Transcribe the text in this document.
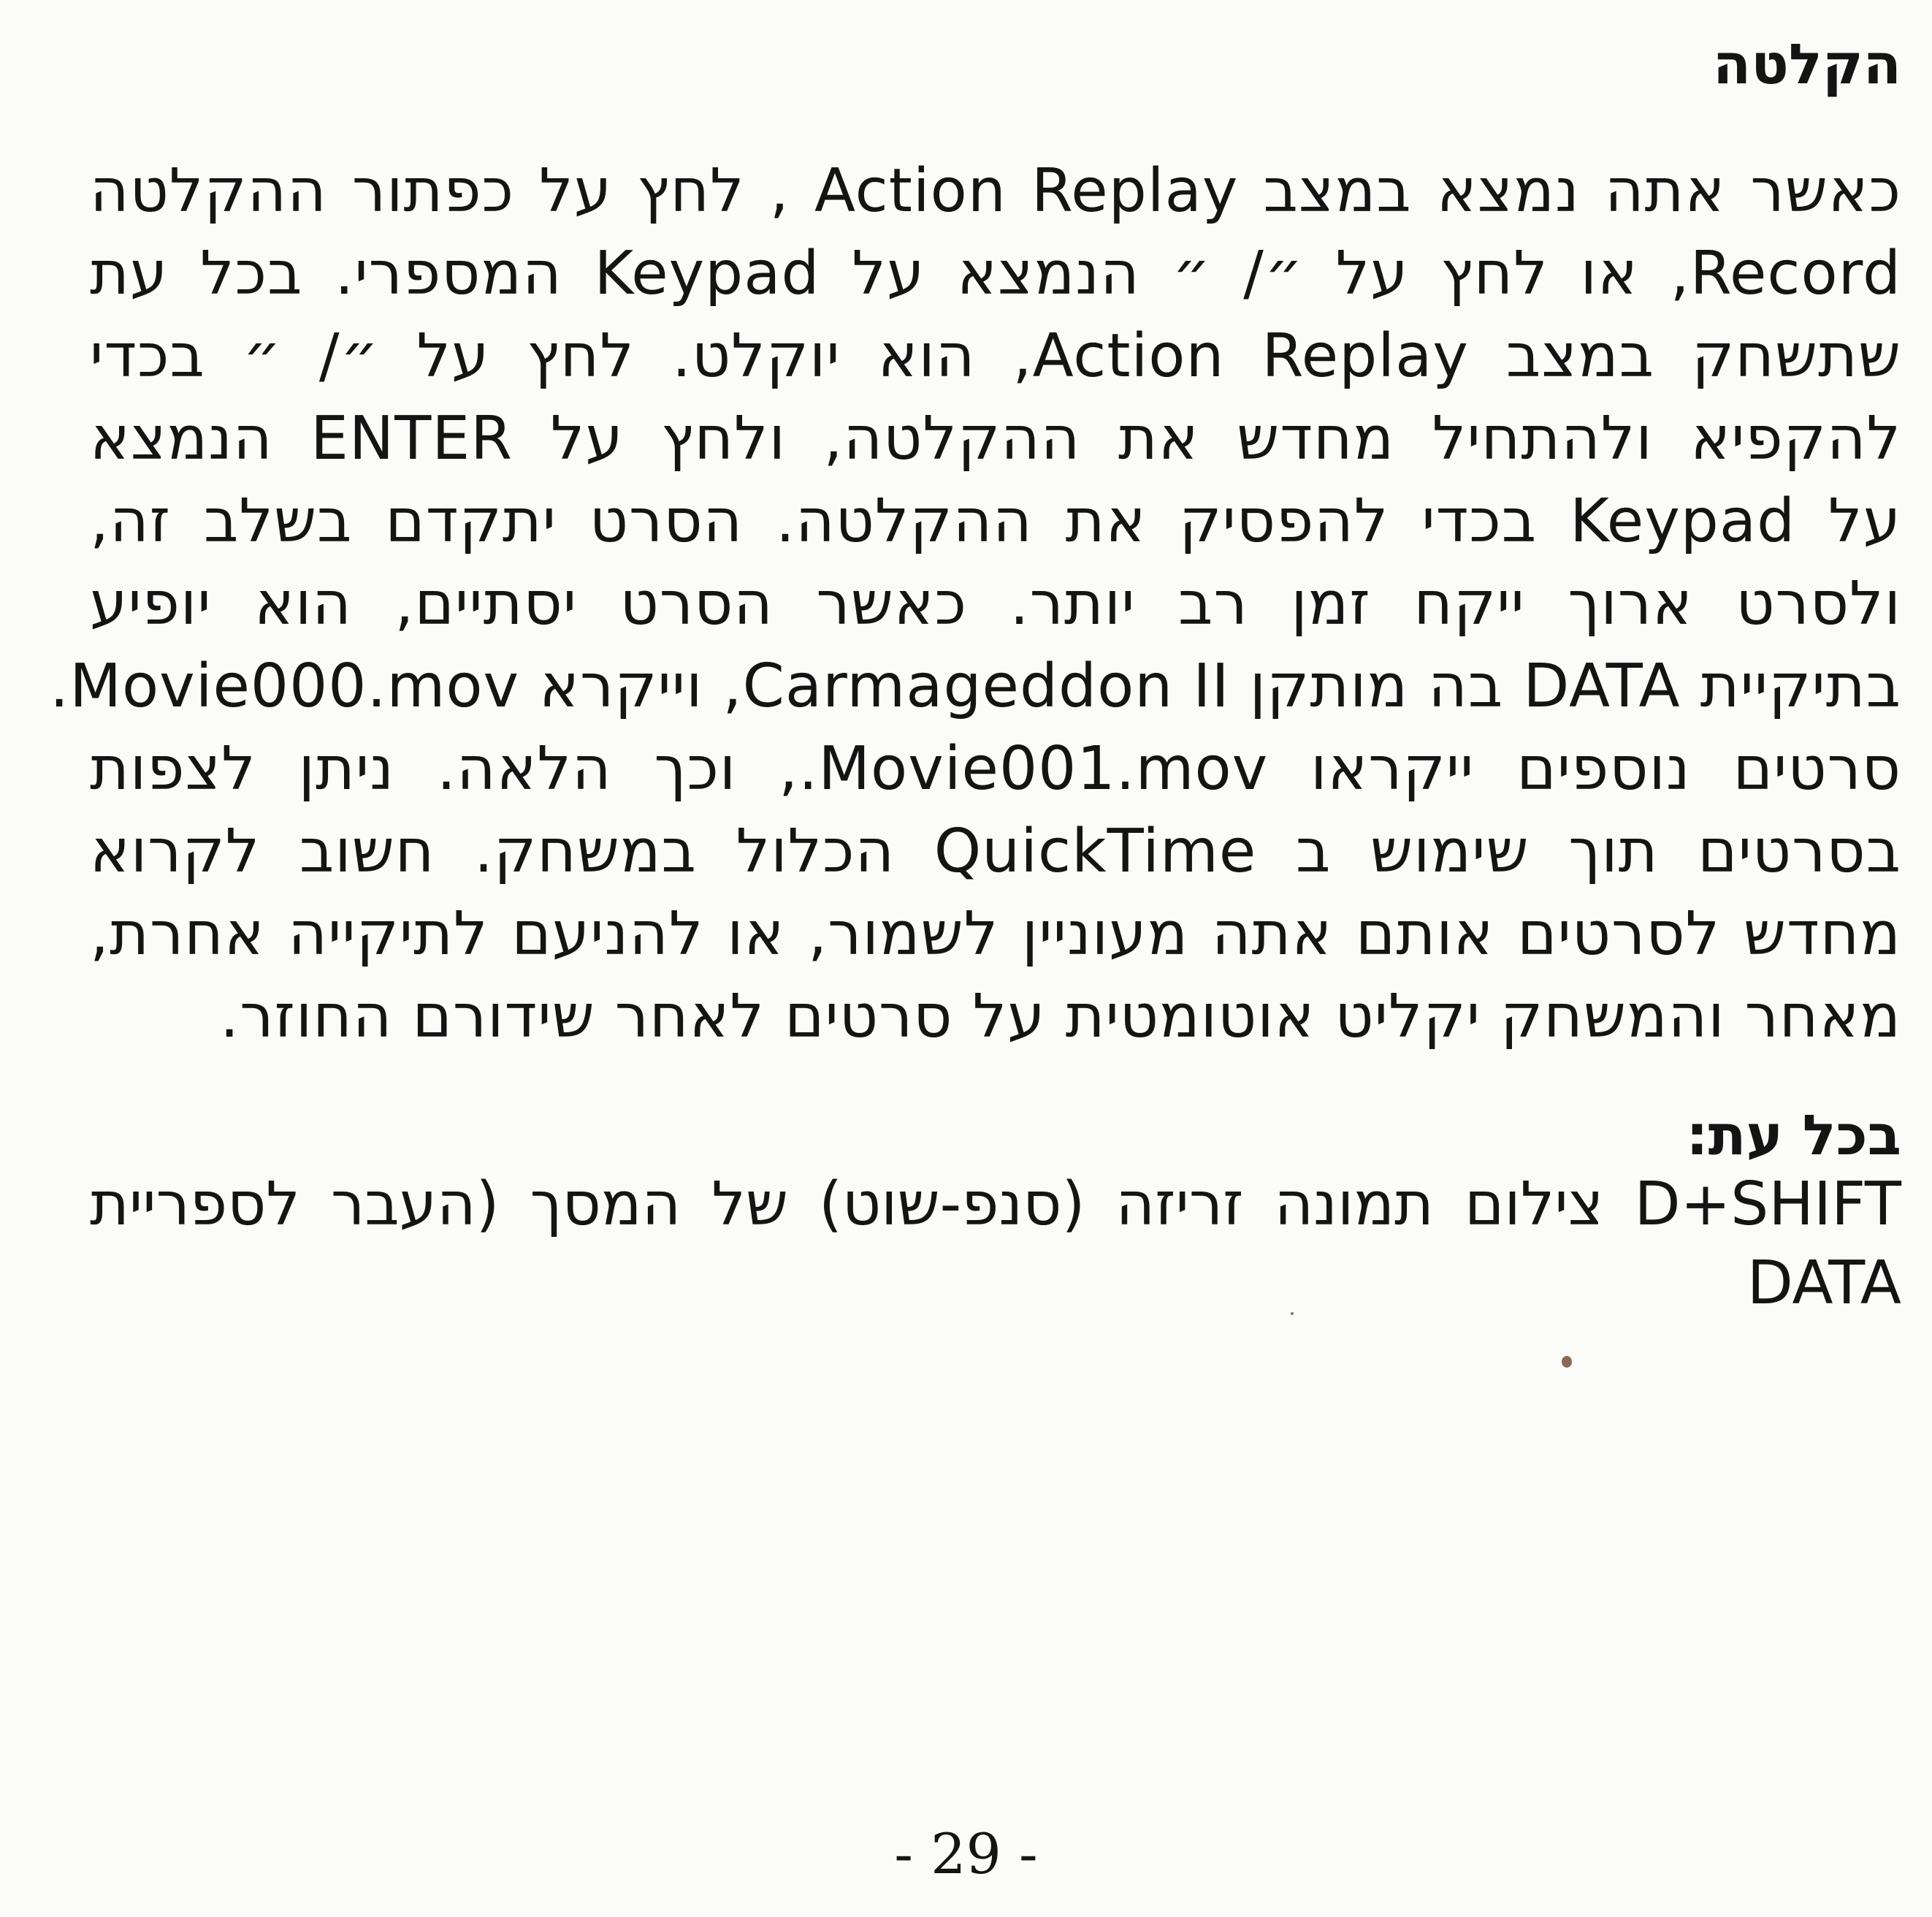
הקלטה
כאשר אתה נמצא במצב Action Replay , לחץ על כפתור ההקלטה
Record, או לחץ על ״/ ״ הנמצא על Keypad המספרי. בכל עת
שתשחק במצב Action Replay, הוא יוקלט. לחץ על ״/ ״ בכדי
להקפיא ולהתחיל מחדש את ההקלטה, ולחץ על ENTER הנמצא
על Keypad בכדי להפסיק את ההקלטה. הסרט יתקדם בשלב זה,
ולסרט ארוך ייקח זמן רב יותר. כאשר הסרט יסתיים, הוא יופיע
בתיקיית DATA בה מותקן Carmageddon II, וייקרא Movie000.mov.
סרטים נוספים ייקראו Movie001.mov., וכך הלאה. ניתן לצפות
בסרטים תוך שימוש ב QuickTime הכלול במשחק. חשוב לקרוא
מחדש לסרטים אותם אתה מעוניין לשמור, או להניעם לתיקייה אחרת,
מאחר והמשחק יקליט אוטומטית על סרטים לאחר שידורם החוזר.
בכל עת:
D+SHIFT צילום תמונה זריזה (סנפ-שוט) של המסך (העבר לספריית
DATA
- 29 -
